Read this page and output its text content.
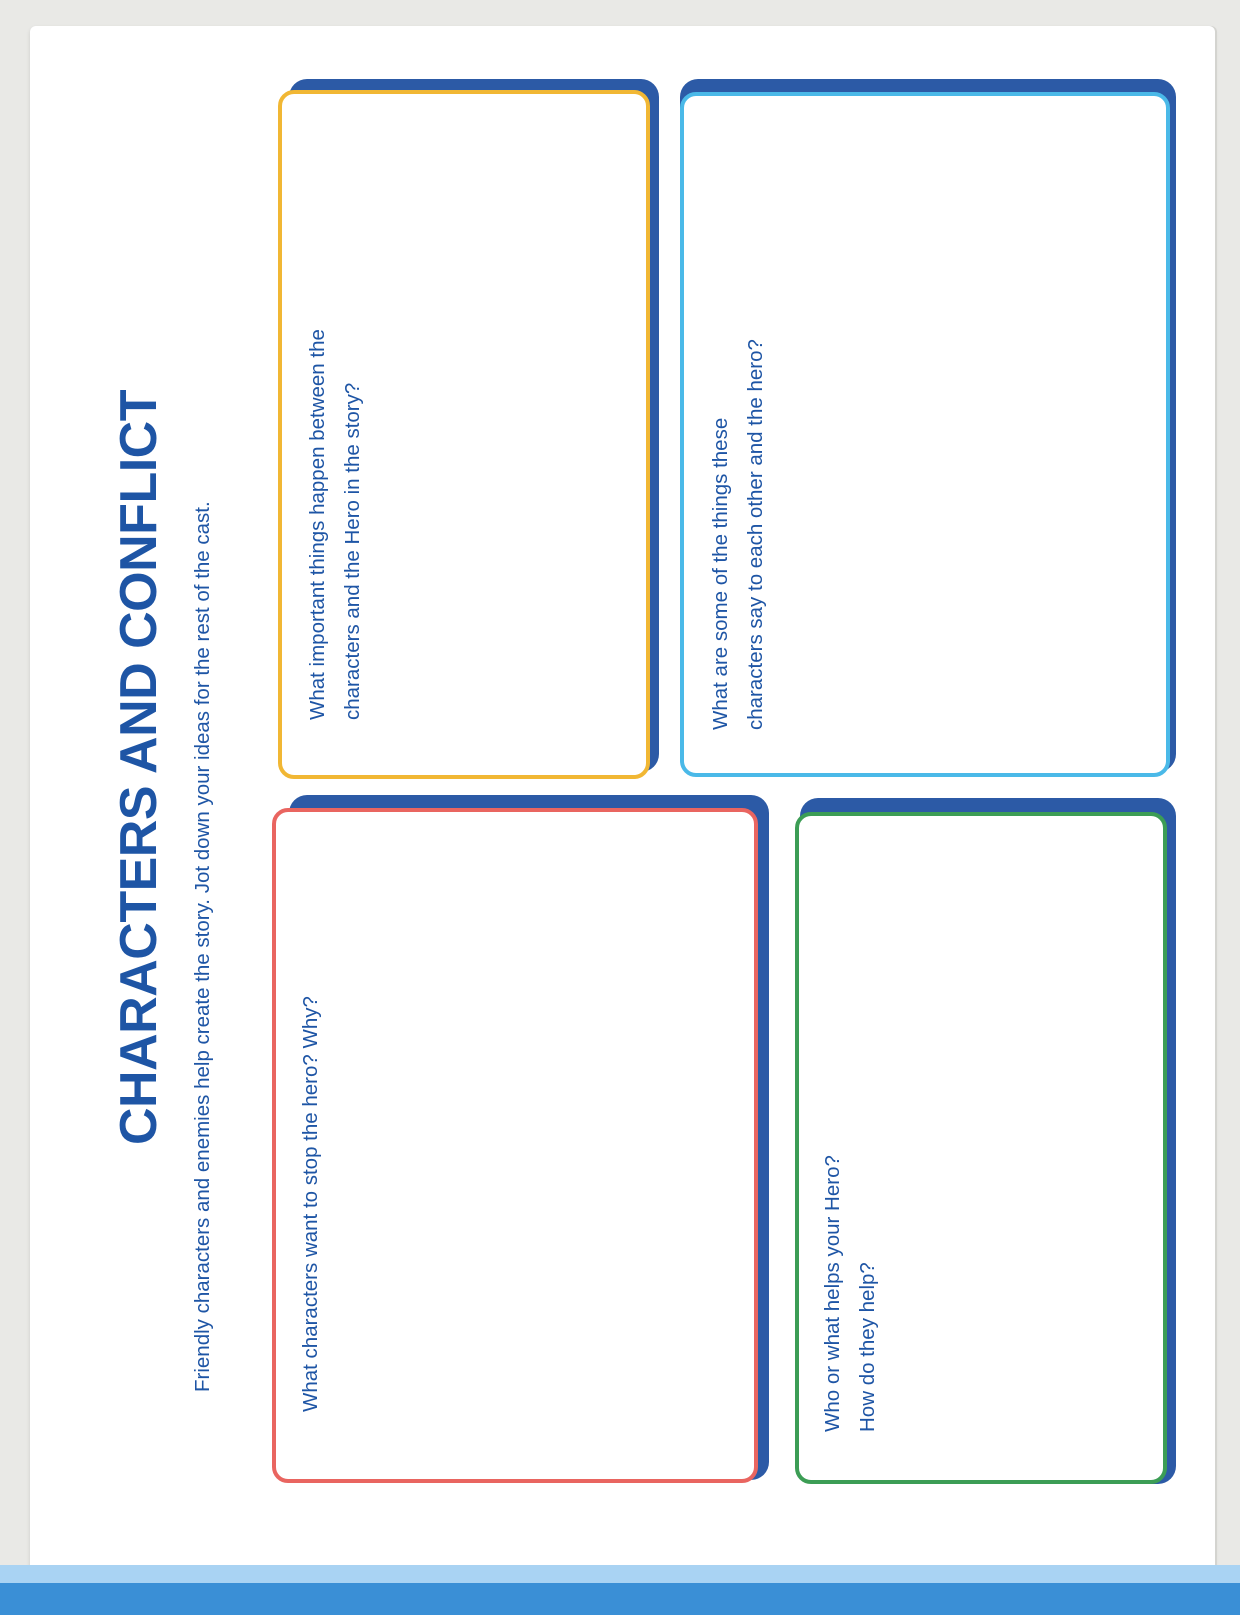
CHARACTERS AND CONFLICT Friendly characters and enemies help create the story. Jot down your ideas for the rest of the cast.	What characters want to stop the hero? Why?
What important things happen between the characters and the Hero in the story?
Who or what helps your Hero? How do they help?
What are some of the things these characters say to each other and the hero?
